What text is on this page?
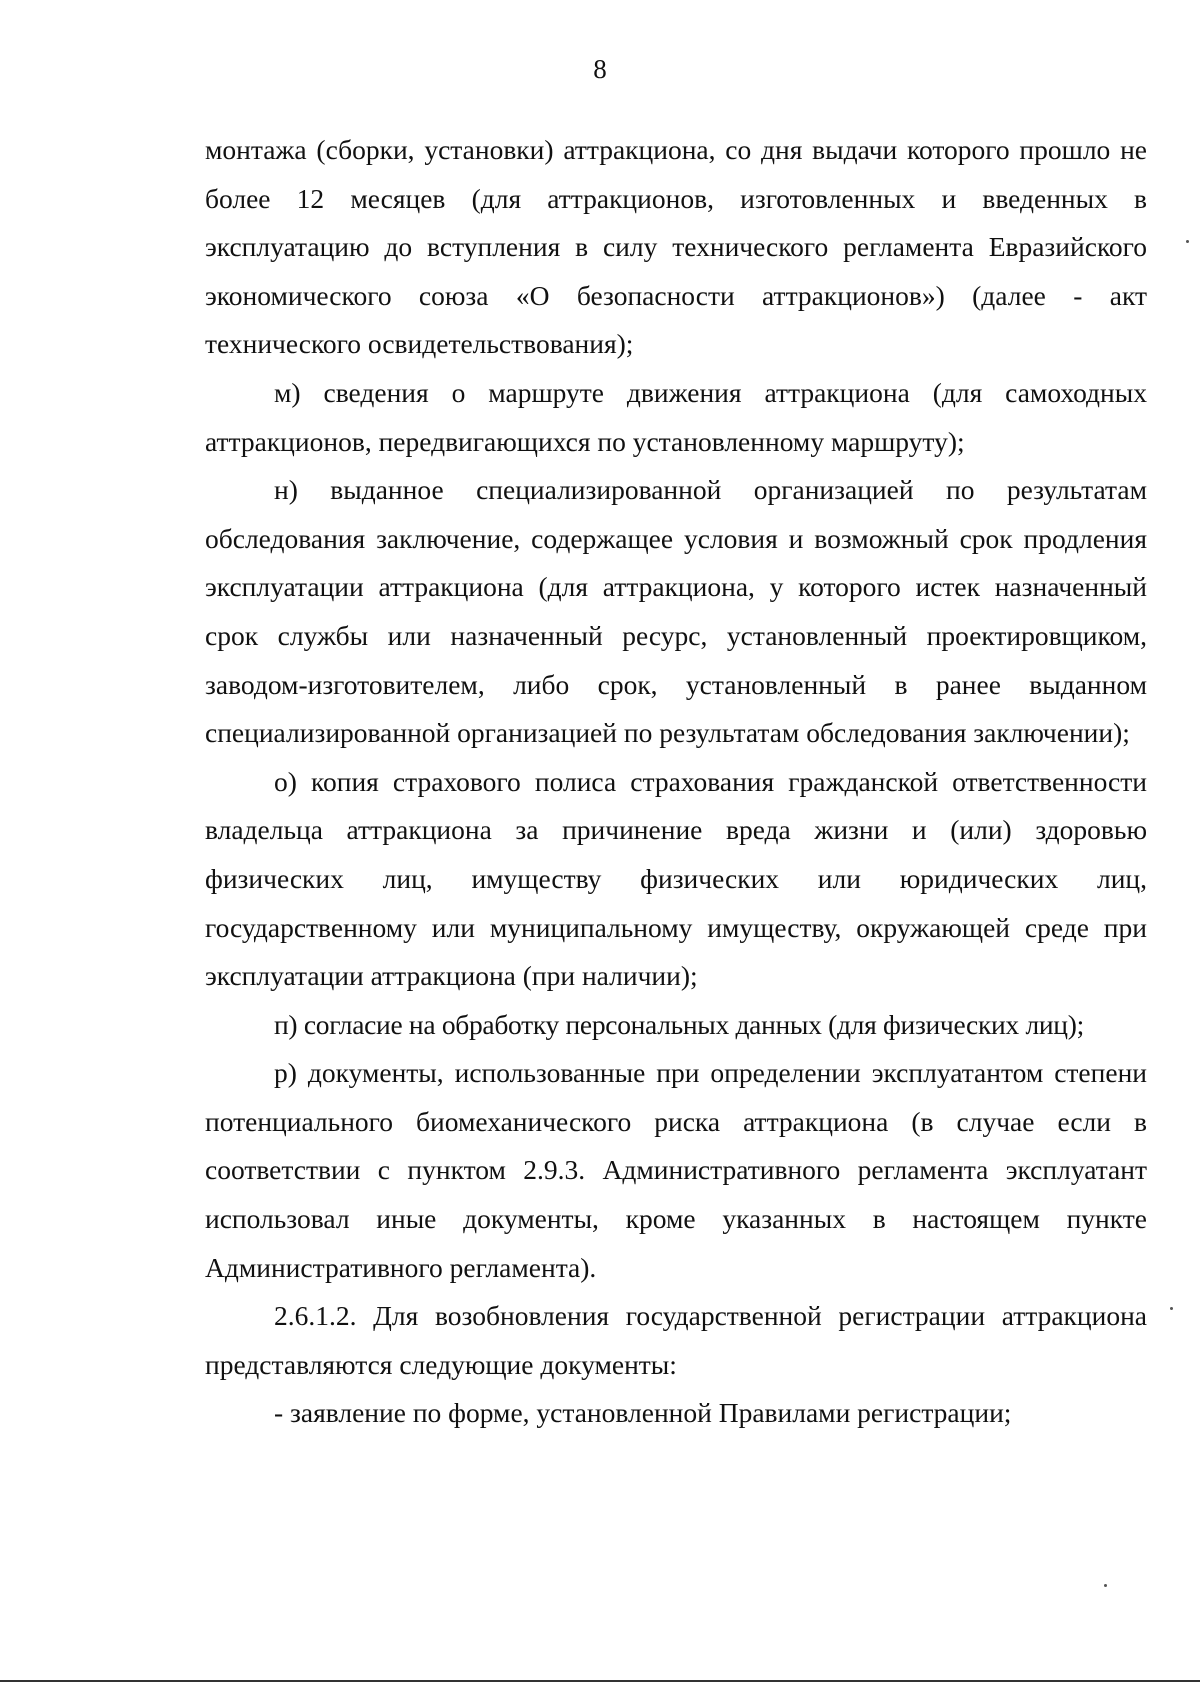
8

монтажа (сборки, установки) аттракциона, со дня выдачи которого прошло не более 12 месяцев (для аттракционов, изготовленных и введенных в эксплуатацию до вступления в силу технического регламента Евразийского экономического союза «О безопасности аттракционов») (далее - акт технического освидетельствования);

м) сведения о маршруте движения аттракциона (для самоходных аттракционов, передвигающихся по установленному маршруту);

н) выданное специализированной организацией по результатам обследования заключение, содержащее условия и возможный срок продления эксплуатации аттракциона (для аттракциона, у которого истек назначенный срок службы или назначенный ресурс, установленный проектировщиком, заводом-изготовителем, либо срок, установленный в ранее выданном специализированной организацией по результатам обследования заключении);

о) копия страхового полиса страхования гражданской ответственности владельца аттракциона за причинение вреда жизни и (или) здоровью физических лиц, имуществу физических или юридических лиц, государственному или муниципальному имуществу, окружающей среде при эксплуатации аттракциона (при наличии);

п) согласие на обработку персональных данных (для физических лиц);

р) документы, использованные при определении эксплуатантом степени потенциального биомеханического риска аттракциона (в случае если в соответствии с пунктом 2.9.3. Административного регламента эксплуатант использовал иные документы, кроме указанных в настоящем пункте Административного регламента).

2.6.1.2. Для возобновления государственной регистрации аттракциона представляются следующие документы:

- заявление по форме, установленной Правилами регистрации;
